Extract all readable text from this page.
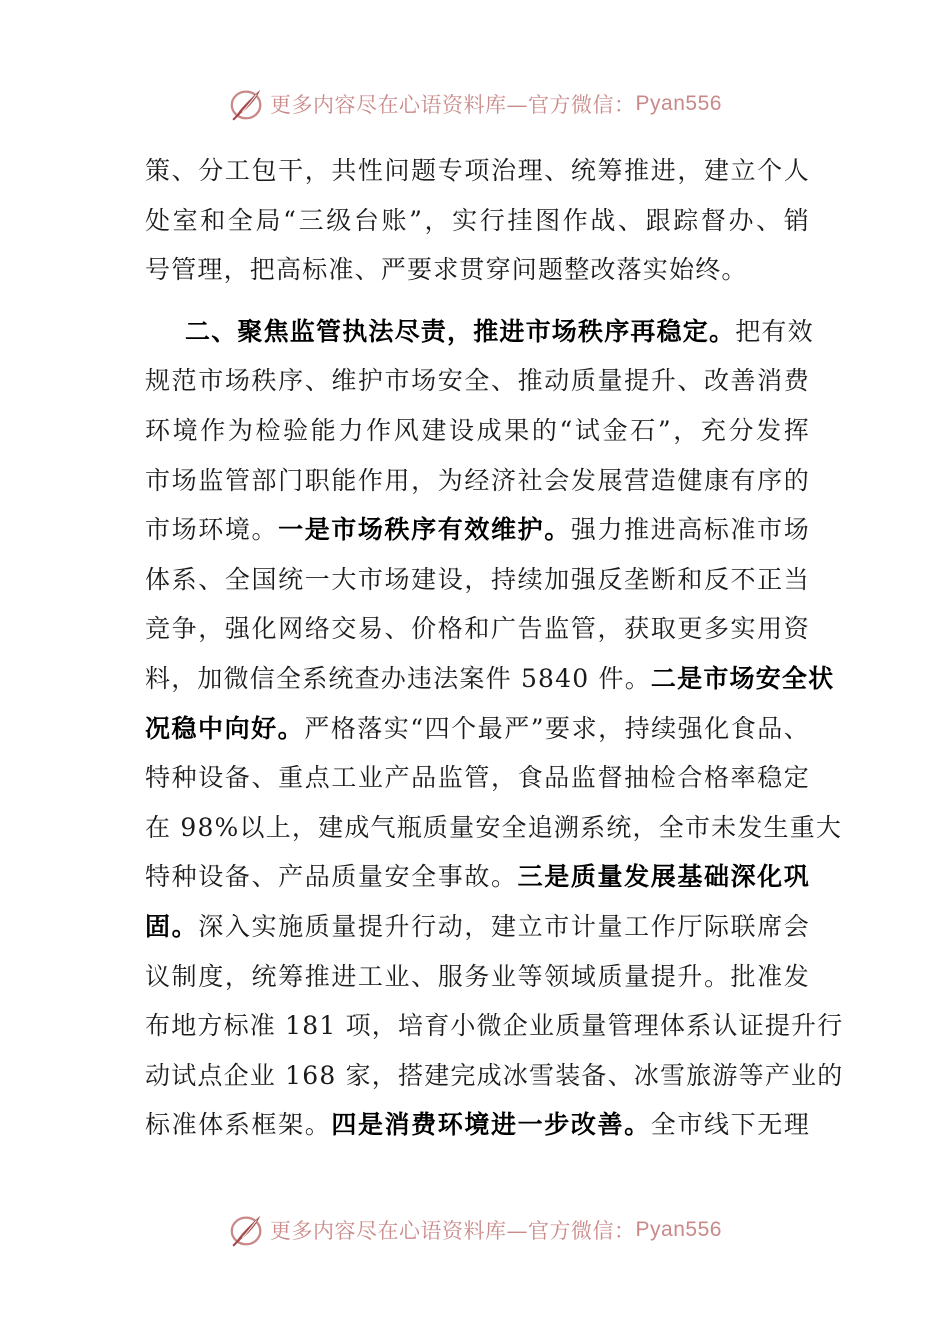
更多内容尽在心语资料库—官方微信： Pyan556
策、分工包干，共性问题专项治理、统筹推进，建立个人
处室和全局“三级台账”，实行挂图作战、跟踪督办、销
号管理，把高标准、严要求贯穿问题整改落实始终。
二、聚焦监管执法尽责，推进市场秩序再稳定。把有效
规范市场秩序、维护市场安全、推动质量提升、改善消费
环境作为检验能力作风建设成果的“试金石”，充分发挥
市场监管部门职能作用，为经济社会发展营造健康有序的
市场环境。一是市场秩序有效维护。强力推进高标准市场
体系、全国统一大市场建设，持续加强反垄断和反不正当
竞争，强化网络交易、价格和广告监管，获取更多实用资
料，加微信全系统查办违法案件 5840 件。二是市场安全状
况稳中向好。严格落实“四个最严”要求，持续强化食品、
特种设备、重点工业产品监管，食品监督抽检合格率稳定
在 98%以上，建成气瓶质量安全追溯系统，全市未发生重大
特种设备、产品质量安全事故。三是质量发展基础深化巩
固。深入实施质量提升行动，建立市计量工作厅际联席会
议制度，统筹推进工业、服务业等领域质量提升。批准发
布地方标准 181 项，培育小微企业质量管理体系认证提升行
动试点企业 168 家，搭建完成冰雪装备、冰雪旅游等产业的
标准体系框架。四是消费环境进一步改善。全市线下无理
更多内容尽在心语资料库—官方微信： Pyan556
